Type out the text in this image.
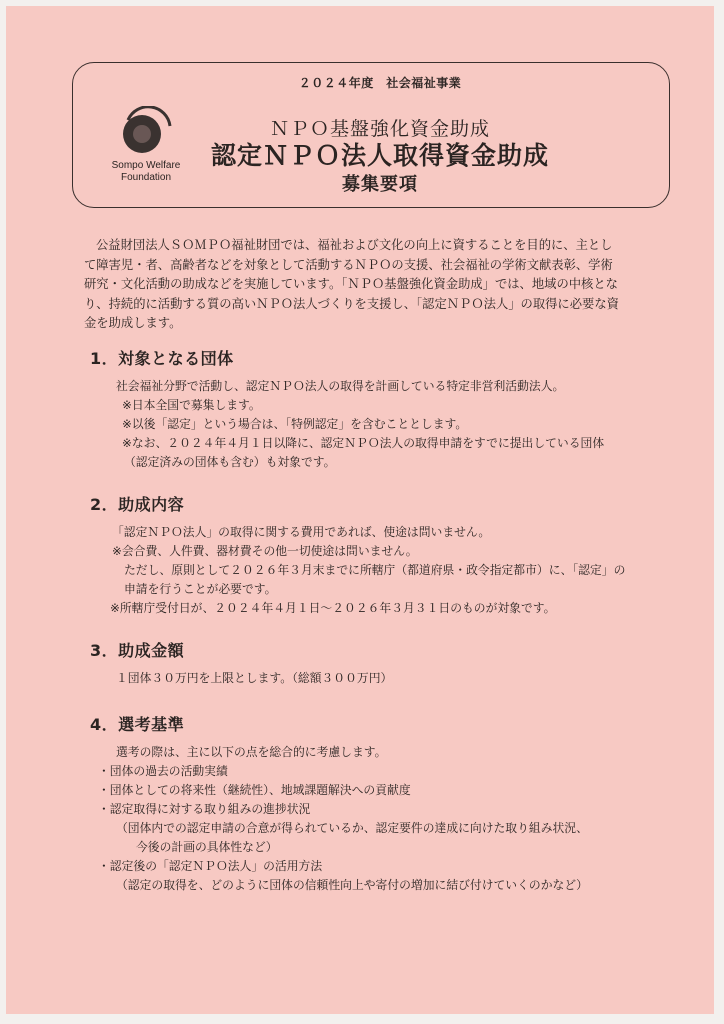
Sompo Welfare
Foundation
２０２４年度　社会福祉事業
ＮＰＯ基盤強化資金助成
認定ＮＰＯ法人取得資金助成
募集要項

公益財団法人ＳＯＭＰＯ福祉財団では、福祉および文化の向上に資することを目的に、主として障害児・者、高齢者などを対象として活動するＮＰＯの支援、社会福祉の学術文献表彰、学術研究・文化活動の助成などを実施しています。「ＮＰＯ基盤強化資金助成」では、地域の中核となり、持続的に活動する質の高いＮＰＯ法人づくりを支援し、「認定ＮＰＯ法人」の取得に必要な資金を助成します。

1．対象となる団体
社会福祉分野で活動し、認定ＮＰＯ法人の取得を計画している特定非営利活動法人。
※日本全国で募集します。
※以後「認定」という場合は、「特例認定」を含むこととします。
※なお、２０２４年４月１日以降に、認定ＮＰＯ法人の取得申請をすでに提出している団体
（認定済みの団体も含む）も対象です。
2．助成内容
「認定ＮＰＯ法人」の取得に関する費用であれば、使途は問いません。
※会合費、人件費、器材費その他一切使途は問いません。
ただし、原則として２０２６年３月末までに所轄庁（都道府県・政令指定都市）に、「認定」の
申請を行うことが必要です。
※所轄庁受付日が、２０２４年４月１日～２０２６年３月３１日のものが対象です。
3．助成金額
１団体３０万円を上限とします。（総額３００万円）
4．選考基準
選考の際は、主に以下の点を総合的に考慮します。
・団体の過去の活動実績
・団体としての将来性（継続性）、地域課題解決への貢献度
・認定取得に対する取り組みの進捗状況
（団体内での認定申請の合意が得られているか、認定要件の達成に向けた取り組み状況、
今後の計画の具体性など）
・認定後の「認定ＮＰＯ法人」の活用方法
（認定の取得を、どのように団体の信頼性向上や寄付の増加に結び付けていくのかなど）
